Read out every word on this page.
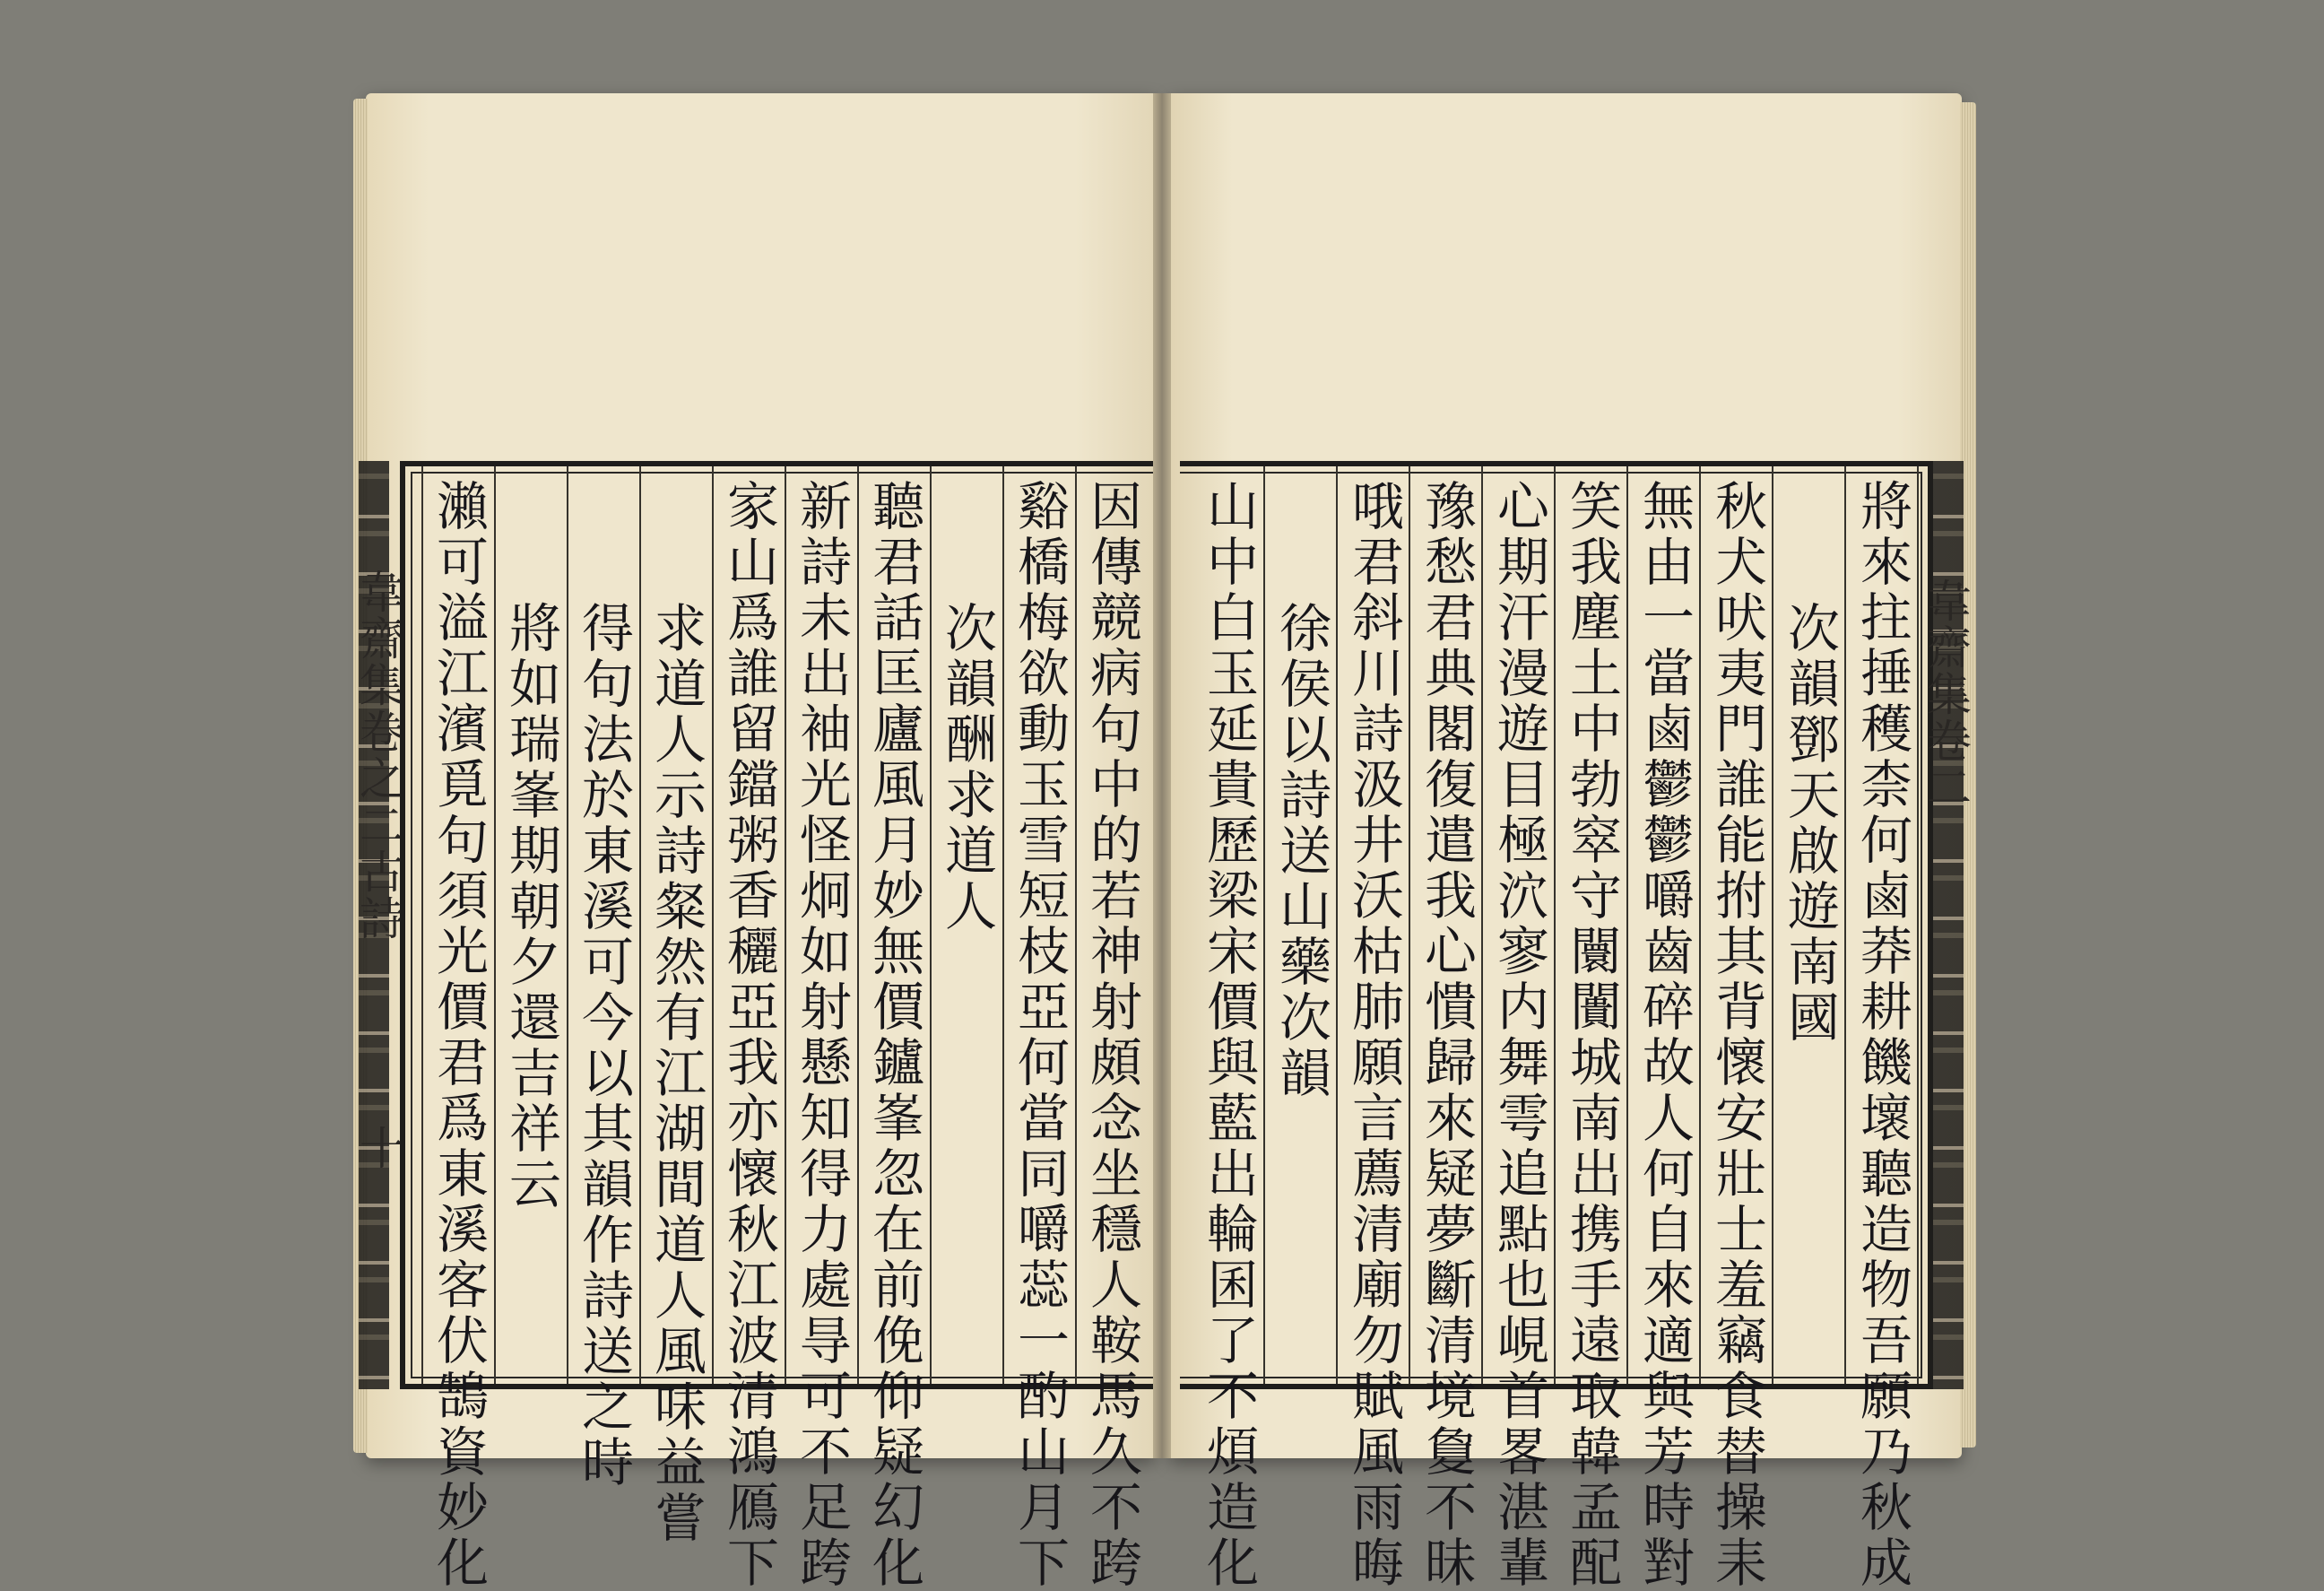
韋齋集卷之二古詩
十 瀨可溢江濱覓句須光價君爲東溪客伏鵠資妙化 將如瑞峯期朝夕還吉祥云 得句法於東溪可今以其韻作詩送之時 求道人示詩粲然有江湖間道人風味益嘗 家山爲誰留鐺粥香穲亞我亦懷秋江波清鴻鴈下 新詩未出袖光怪炯如射懸知得力處㝵可不足跨 聽君話匡廬風月妙無價鑪峯忽在前俛仰疑幻化 次韻酬求道人 谿橋梅欲動玉雪短枝亞何當同嚼蕊一酌山月下 因傳競病句中的若神射頗念坐穩人鞍馬久不跨	將來拄捶穫柰何鹵莽耕饑壞聽造物吾願乃秋成
次韻鄧天啟遊南國
秋犬吠夷門誰能拊其背懷安壯士羞竊食替操耒
無由一當鹵鬱鬱嚼齒碎故人何自來適與芳時對
笑我塵土中勃窣守闤闠城南出携手遠取韓孟配
心期汗漫遊目極泬寥内舞雩追點也峴首畧湛輩
豫愁君典閣復遣我心憒歸來疑夢斷清境敻不昧
哦君斜川詩汲井沃枯肺願言薦清廟勿賦風雨晦
徐侯以詩送山藥次韻
山中白玉延貴歷梁宋價與藍出輪囷了不煩造化	韋齋集卷二
